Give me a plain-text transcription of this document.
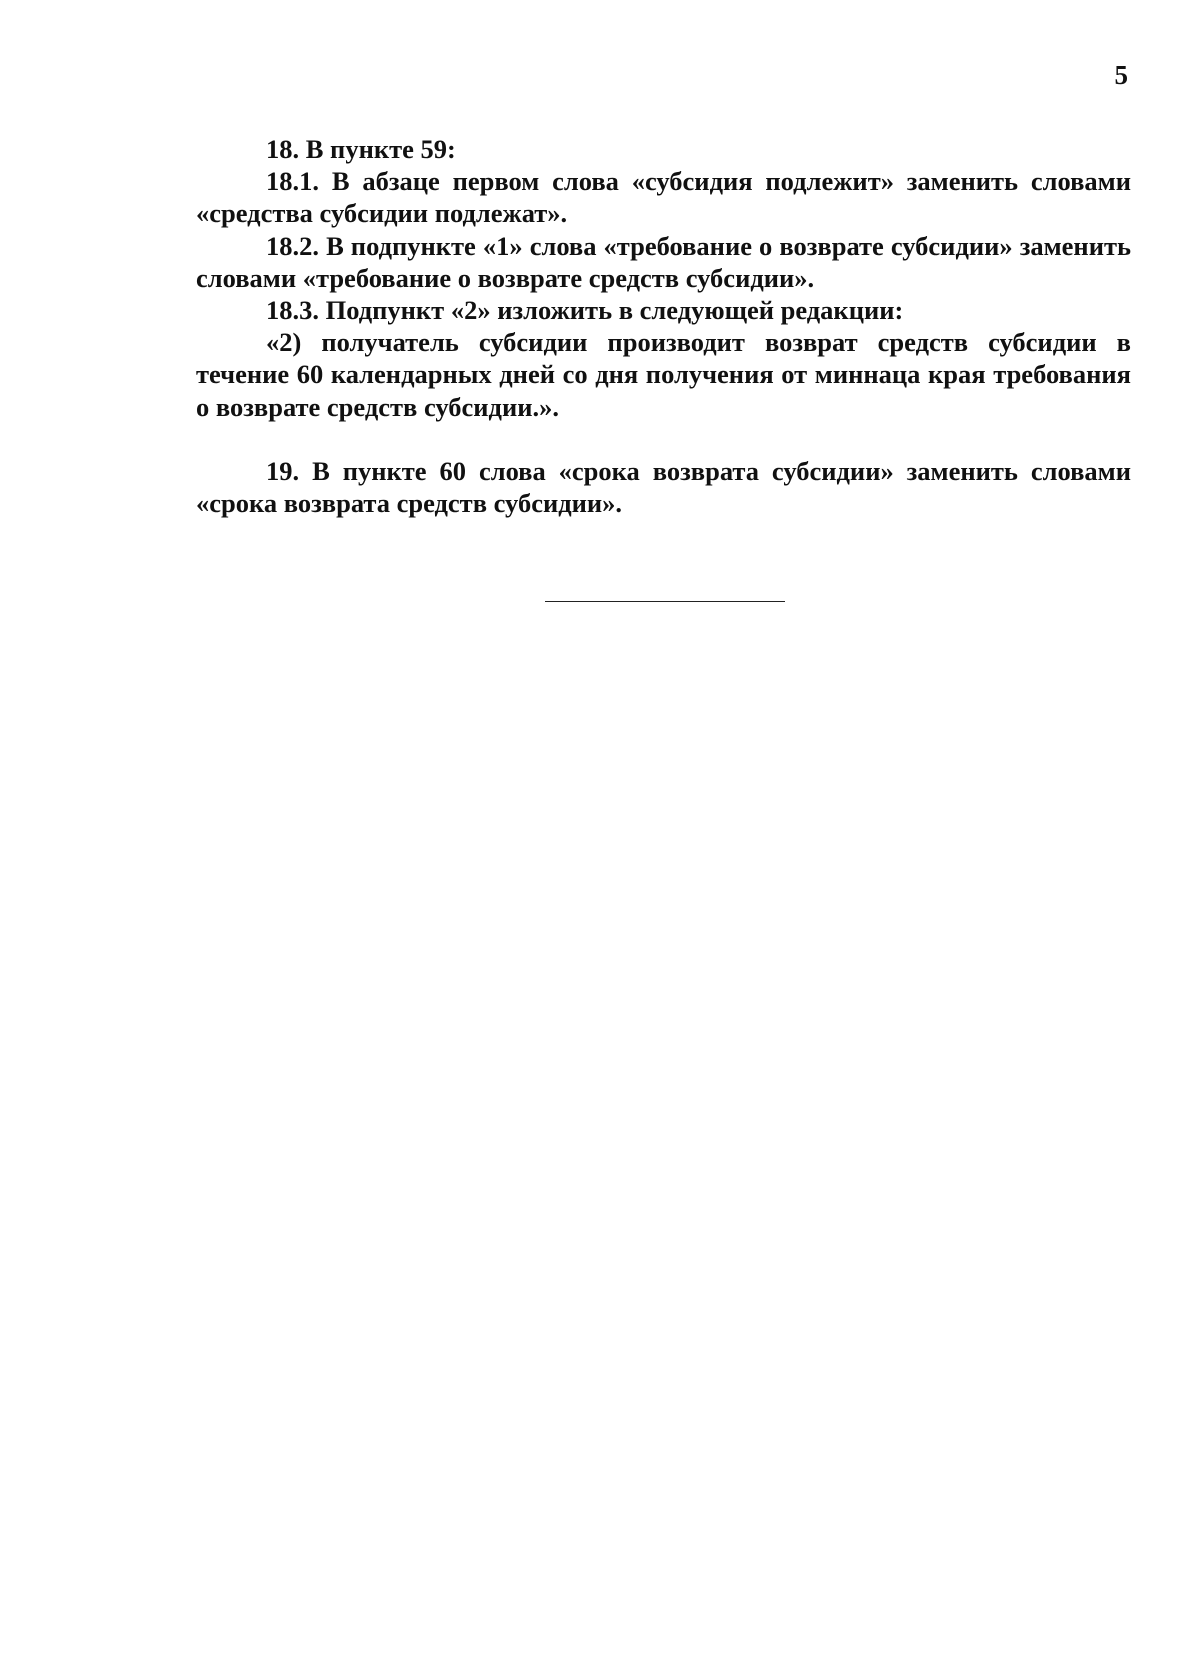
5

18. В пункте 59:

18.1. В абзаце первом слова «субсидия подлежит» заменить словами «средства субсидии подлежат».

18.2. В подпункте «1» слова «требование о возврате субсидии» заменить словами «требование о возврате средств субсидии».

18.3. Подпункт «2» изложить в следующей редакции:

«2) получатель субсидии производит возврат средств субсидии в течение 60 календарных дней со дня получения от миннаца края требования о возврате средств субсидии.».

19. В пункте 60 слова «срока возврата субсидии» заменить словами «срока возврата средств субсидии».
